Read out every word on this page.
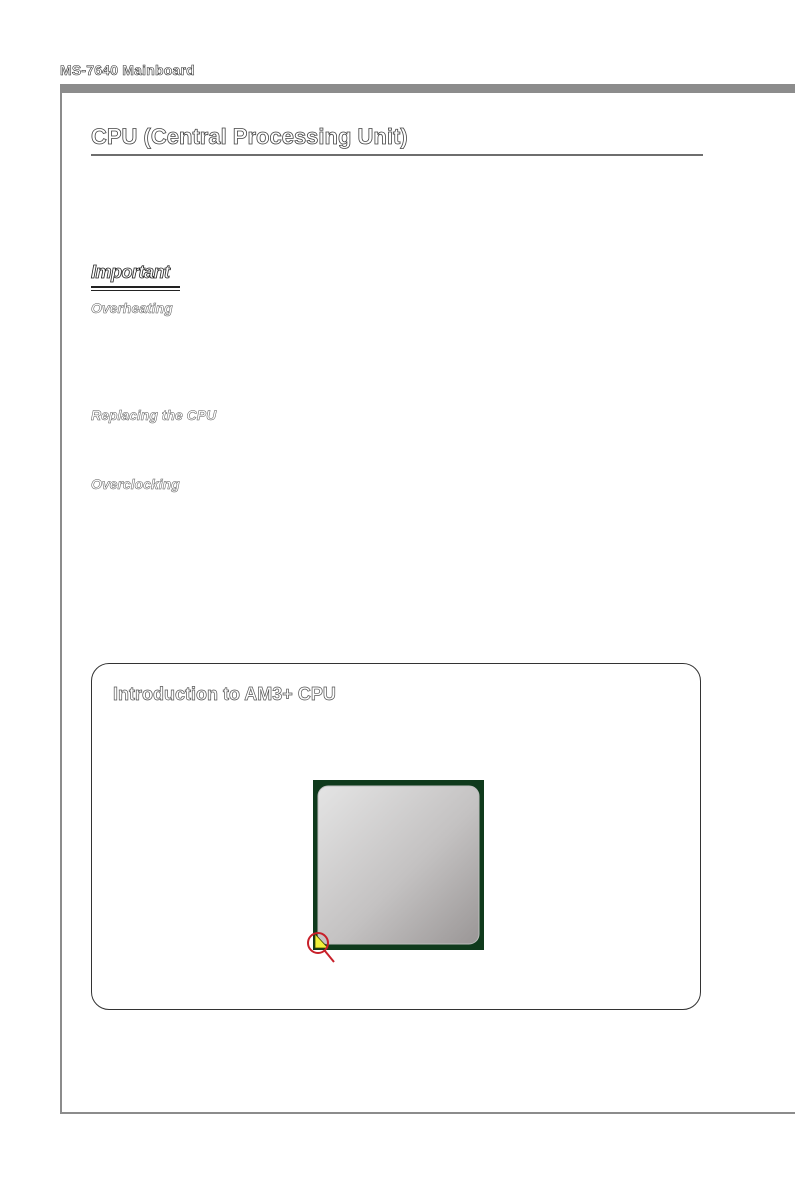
MS-7640 Mainboard
CPU (Central Processing Unit)
Important
Overheating
Replacing the CPU
Overclocking
Introduction to AM3+ CPU
